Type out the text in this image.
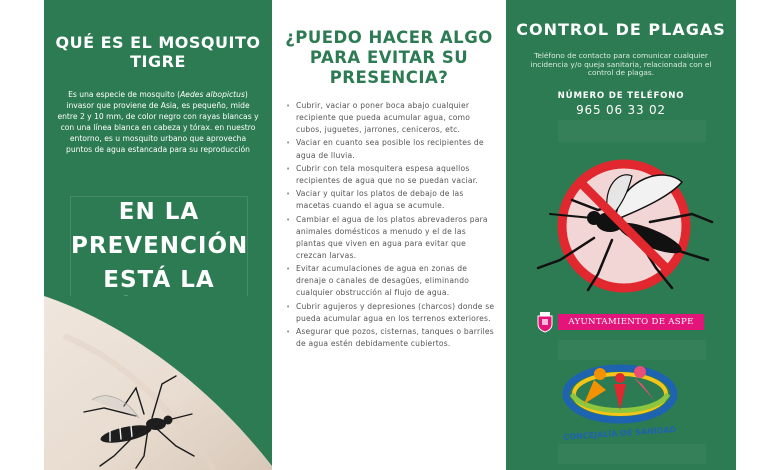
QUÉ ES EL MOSQUITO TIGRE
Es una especie de mosquito (Aedes albopictus) invasor que proviene de Asia, es pequeño, mide entre 2 y 10 mm, de color negro con rayas blancas y con una línea blanca en cabeza y tórax. en nuestro entorno, es u mosquito urbano que aprovecha puntos de agua estancada para su reproducción
EN LA
PREVENCIÓN
ESTÁ LA
¿PUEDO HACER ALGO PARA EVITAR SU PRESENCIA?
• Cubrir, vaciar o poner boca abajo cualquier recipiente que pueda acumular agua, como cubos, juguetes, jarrones, ceniceros, etc.
• Vaciar en cuanto sea posible los recipientes de agua de lluvia.
• Cubrir con tela mosquitera espesa aquellos recipientes de agua que no se puedan vaciar.
• Vaciar y quitar los platos de debajo de las macetas cuando el agua se acumule.
• Cambiar el agua de los platos abrevaderos para animales domésticos a menudo y el de las plantas que viven en agua para evitar que crezcan larvas.
• Evitar acumulaciones de agua en zonas de drenaje o canales de desagües, eliminando cualquier obstrucción al flujo de agua.
• Cubrir agujeros y depresiones (charcos) donde se pueda acumular agua en los terrenos exteriores.
• Asegurar que pozos, cisternas, tanques o barriles de agua estén debidamente cubiertos.
CONTROL DE PLAGAS
Teléfono de contacto para comunicar cualquier incidencia y/o queja sanitaria, relacionada con el control de plagas.
NÚMERO DE TELÉFONO
965 06 33 02
AYUNTAMIENTO DE ASPE
CONCEJALÍA DE SANIDAD
